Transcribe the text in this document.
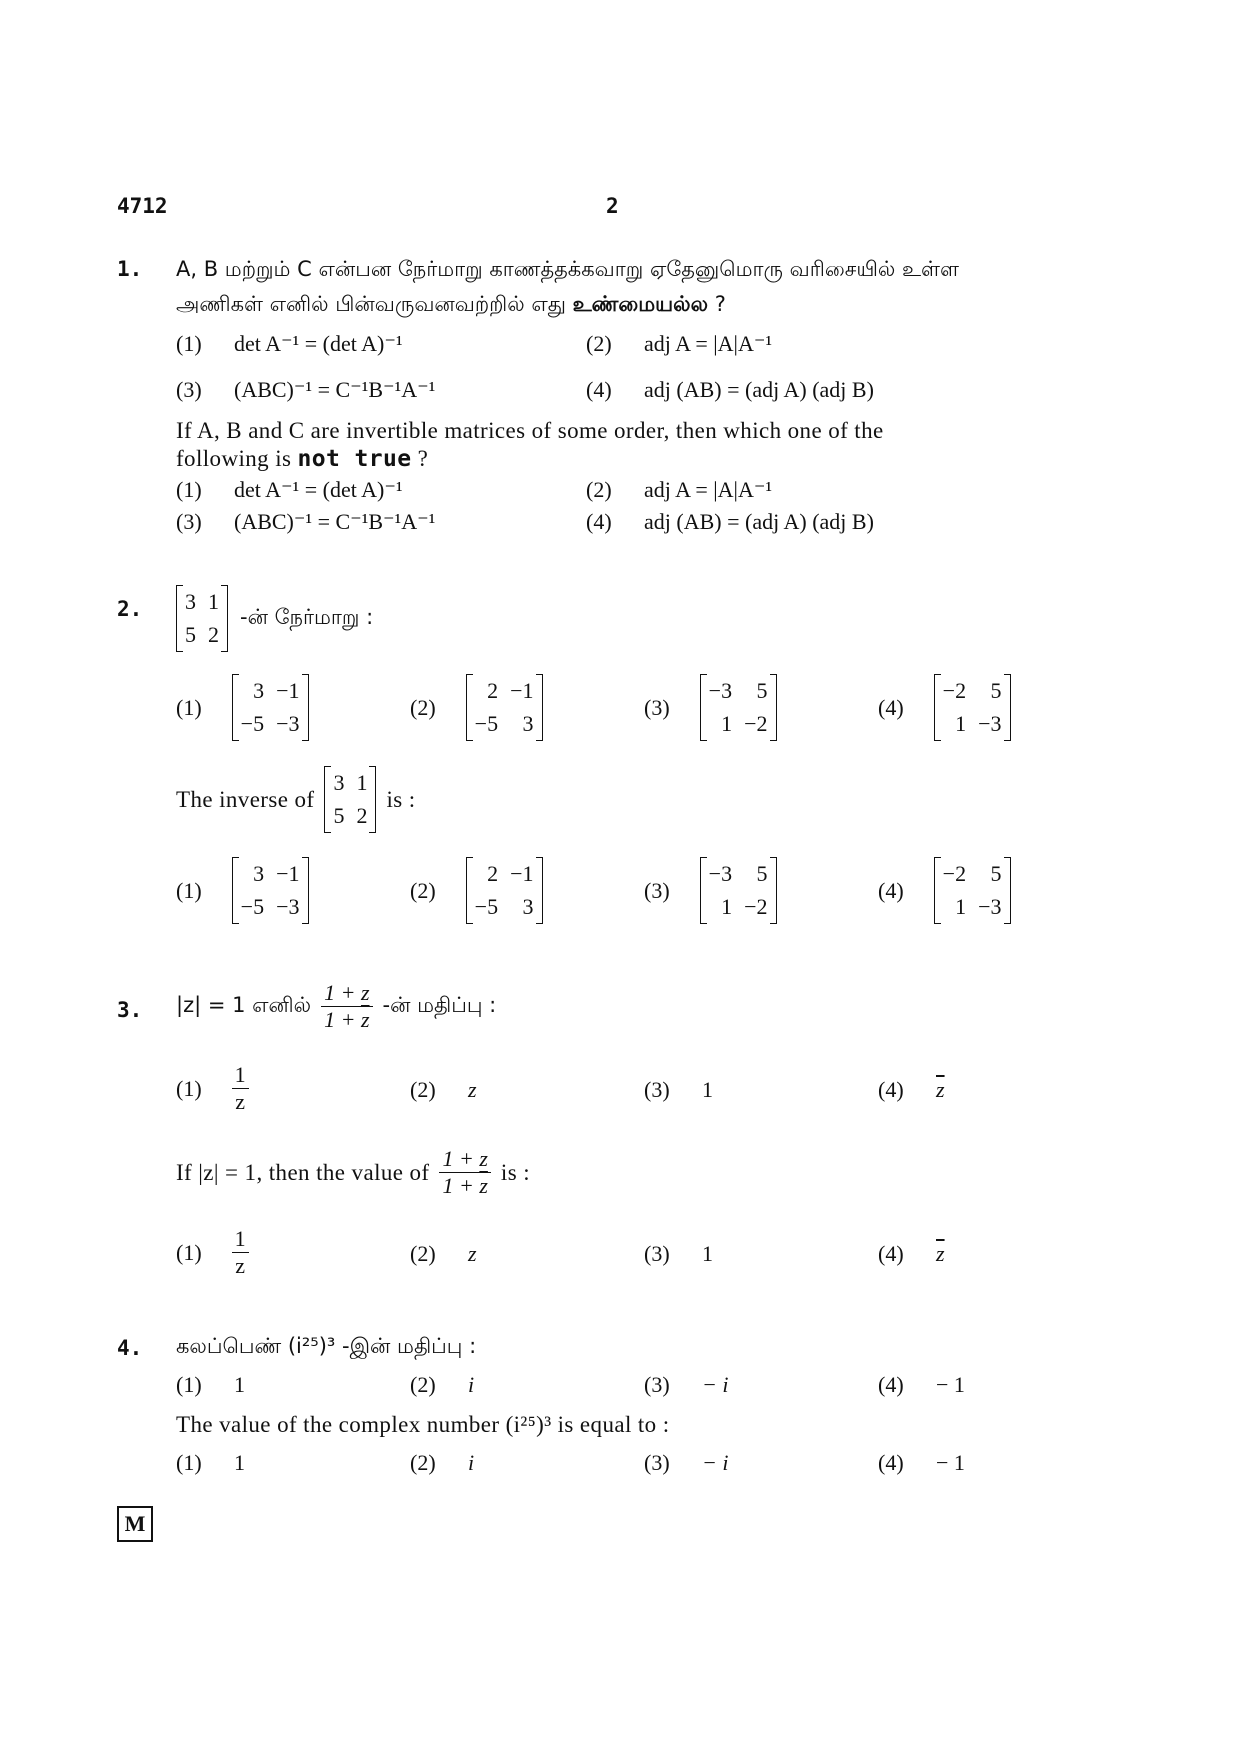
4712	2
1. A, B மற்றும் C என்பன நேர்மாறு காணத்தக்கவாறு ஏதேனுமொரு வரிசையில் உள்ள
அணிகள் எனில் பின்வருவனவற்றில் எது உண்மையல்ல ?
(1) det A⁻¹ = (det A)⁻¹	(2) adj A = |A|A⁻¹
(3) (ABC)⁻¹ = C⁻¹B⁻¹A⁻¹	(4) adj (AB) = (adj A) (adj B)
If A, B and C are invertible matrices of some order, then which one of the
following is not true ?
(1) det A⁻¹ = (det A)⁻¹	(2) adj A = |A|A⁻¹
(3) (ABC)⁻¹ = C⁻¹B⁻¹A⁻¹	(4) adj (AB) = (adj A) (adj B)
2. 3 1
5 2
-ன் நேர்மாறு :
(1)
3 −1
−5 −3
(2)
2 −1
−5	3
(3)
−3	5
1 −2
(4)
−2	5
1 −3
The inverse of
3 1
5 2
is :
(1)
3 −1
−5 −3
(2)
2 −1
−5	3
(3)
−3	5
1 −2
(4)
−2	5
1 −3
3. |z| = 1 எனில் $\frac{1 + z}{1 + \overline{z}}$ -ன் மதிப்பு :
$(1) \frac{1}{z}$	(2) z	(3) 1	(4) $\overline{z}$
If |z| = 1, then the value of $\frac{1 + z}{1 + \overline{z}}$ is :
$(1) \frac{1}{z}$	(2) z	(3) 1	(4) $\overline{z}$
4. கலப்பெண் (i²⁵)³ -இன் மதிப்பு :
(1) 1	(2) i	(3) − i	(4) − 1
The value of the complex number (i²⁵)³ is equal to :
(1) 1	(2) i	(3) − i	(4) − 1
M
